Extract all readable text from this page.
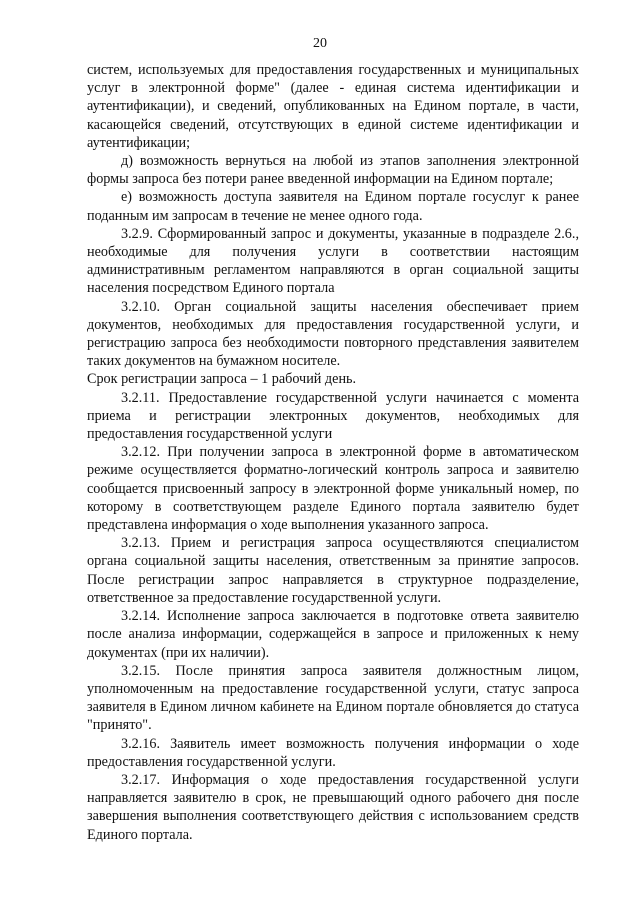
20

систем, используемых для предоставления государственных и муниципальных услуг в электронной форме" (далее - единая система идентификации и аутентификации), и сведений, опубликованных на Едином портале, в части, касающейся сведений, отсутствующих в единой системе идентификации и аутентификации;

д) возможность вернуться на любой из этапов заполнения электронной формы запроса без потери ранее введенной информации на Едином портале;

е) возможность доступа заявителя на Едином портале госуслуг к ранее поданным им запросам в течение не менее одного года.

3.2.9. Сформированный запрос и документы, указанные в подразделе 2.6., необходимые для получения услуги в соответствии настоящим административным регламентом направляются в орган социальной защиты населения посредством Единого портала

3.2.10. Орган социальной защиты населения обеспечивает прием документов, необходимых для предоставления государственной услуги, и регистрацию запроса без необходимости повторного представления заявителем таких документов на бумажном носителе.

Срок регистрации запроса – 1 рабочий день.

3.2.11. Предоставление государственной услуги начинается с момента приема и регистрации электронных документов, необходимых для предоставления государственной услуги

3.2.12. При получении запроса в электронной форме в автоматическом режиме осуществляется форматно-логический контроль запроса и заявителю сообщается присвоенный запросу в электронной форме уникальный номер, по которому в соответствующем разделе Единого портала заявителю будет представлена информация о ходе выполнения указанного запроса.

3.2.13. Прием и регистрация запроса осуществляются специалистом органа социальной защиты населения, ответственным за принятие запросов. После регистрации запрос направляется в структурное подразделение, ответственное за предоставление государственной услуги.

3.2.14. Исполнение запроса заключается в подготовке ответа заявителю после анализа информации, содержащейся в запросе и приложенных к нему документах (при их наличии).

3.2.15. После принятия запроса заявителя должностным лицом, уполномоченным на предоставление государственной услуги, статус запроса заявителя в Едином личном кабинете на Едином портале обновляется до статуса "принято".

3.2.16. Заявитель имеет возможность получения информации о ходе предоставления государственной услуги.

3.2.17. Информация о ходе предоставления государственной услуги направляется заявителю в срок, не превышающий одного рабочего дня после завершения выполнения соответствующего действия с использованием средств Единого портала.
